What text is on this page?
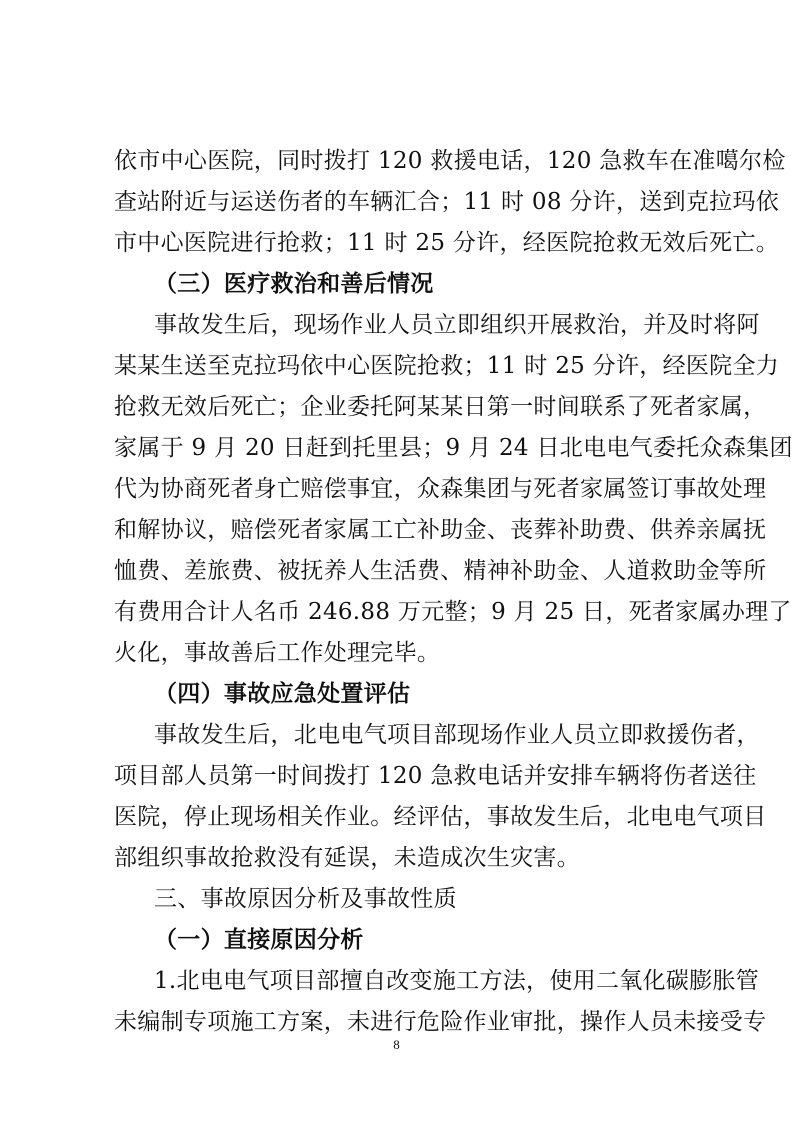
依市中心医院，同时拨打 120 救援电话，120 急救车在准噶尔检
查站附近与运送伤者的车辆汇合；11 时 08 分许，送到克拉玛依
市中心医院进行抢救；11 时 25 分许，经医院抢救无效后死亡。
（三）医疗救治和善后情况
事故发生后，现场作业人员立即组织开展救治，并及时将阿
某某生送至克拉玛依中心医院抢救；11 时 25 分许，经医院全力
抢救无效后死亡；企业委托阿某某日第一时间联系了死者家属，
家属于 9 月 20 日赶到托里县；9 月 24 日北电电气委托众森集团
代为协商死者身亡赔偿事宜，众森集团与死者家属签订事故处理
和解协议，赔偿死者家属工亡补助金、丧葬补助费、供养亲属抚
恤费、差旅费、被抚养人生活费、精神补助金、人道救助金等所
有费用合计人名币 246.88 万元整；9 月 25 日，死者家属办理了
火化，事故善后工作处理完毕。
（四）事故应急处置评估
事故发生后，北电电气项目部现场作业人员立即救援伤者，
项目部人员第一时间拨打 120 急救电话并安排车辆将伤者送往
医院，停止现场相关作业。经评估，事故发生后，北电电气项目
部组织事故抢救没有延误，未造成次生灾害。
三、事故原因分析及事故性质
（一）直接原因分析
1.北电电气项目部擅自改变施工方法，使用二氧化碳膨胀管
未编制专项施工方案，未进行危险作业审批，操作人员未接受专
8
